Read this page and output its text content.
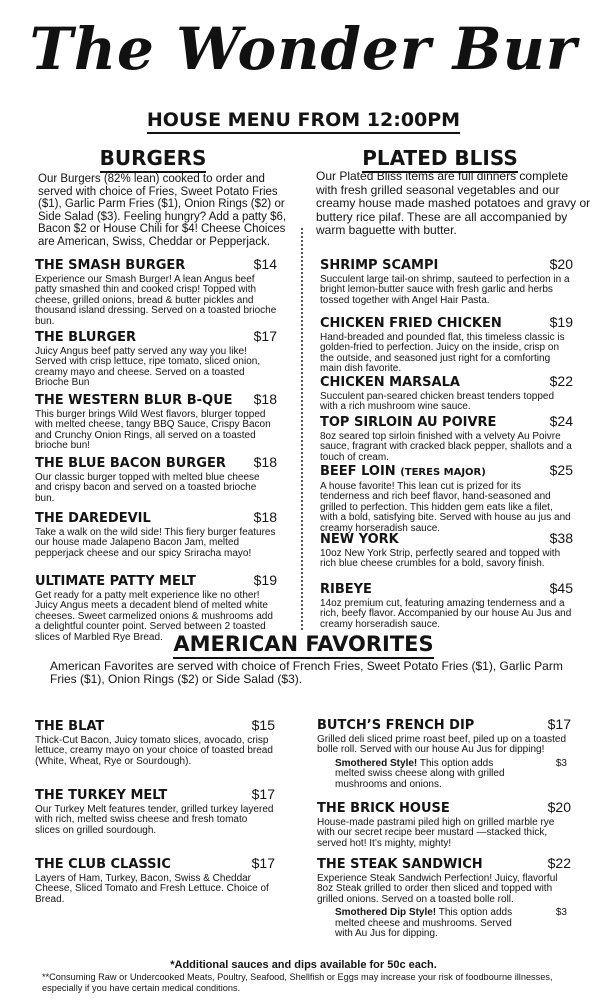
The Wonder Bur
HOUSE MENU FROM 12:00PM
BURGERS

Our Burgers (82% lean) cooked to order and served with choice of Fries, Sweet Potato Fries ($1), Garlic Parm Fries ($1), Onion Rings ($2) or Side Salad ($3). Feeling hungry? Add a patty $6, Bacon $2 or House Chili for $4! Cheese Choices are American, Swiss, Cheddar or Pepperjack.

THE SMASH BURGER	$14

Experience our Smash Burger! A lean Angus beef patty smashed thin and cooked crisp! Topped with cheese, grilled onions, bread & butter pickles and thousand island dressing. Served on a toasted brioche bun.

THE BLURGER	$17

Juicy Angus beef patty served any way you like! Served with crisp lettuce, ripe tomato, sliced onion, creamy mayo and cheese. Served on a toasted Brioche Bun

THE WESTERN BLUR B-QUE $18

This burger brings Wild West flavors, blurger topped with melted cheese, tangy BBQ Sauce, Crispy Bacon and Crunchy Onion Rings, all served on a toasted brioche bun!

THE BLUE BACON BURGER $18

Our classic burger topped with melted blue cheese and crispy bacon and served on a toasted brioche bun.

THE DAREDEVIL	$18

Take a walk on the wild side! This fiery burger features our house made Jalapeno Bacon Jam, melted pepperjack cheese and our spicy Sriracha mayo!

ULTIMATE PATTY MELT	$19

Get ready for a patty melt experience like no other! Juicy Angus meets a decadent blend of melted white cheeses. Sweet carmelized onions & mushrooms add a delightful counter point. Served between 2 toasted slices of Marbled Rye Bread.

PLATED BLISS

Our Plated Bliss items are full dinners complete with fresh grilled seasonal vegetables and our creamy house made mashed potatoes and gravy or buttery rice pilaf. These are all accompanied by warm baguette with butter.

SHRIMP SCAMPI	$20

Succulent large tail-on shrimp, sauteed to perfection in a bright lemon-butter sauce with fresh garlic and herbs tossed together with Angel Hair Pasta.

CHICKEN FRIED CHICKEN	$19

Hand-breaded and pounded flat, this timeless classic is golden-fried to perfection. Juicy on the inside, crisp on the outside, and seasoned just right for a comforting main dish favorite.

CHICKEN MARSALA	$22

Succulent pan-seared chicken breast tenders topped with a rich mushroom wine sauce.

TOP SIRLOIN AU POIVRE	$24

8oz seared top sirloin finished with a velvety Au Poivre sauce, fragrant with cracked black pepper, shallots and a touch of cream.

BEEF LOIN (TERES MAJOR)	$25

A house favorite! This lean cut is prized for its tenderness and rich beef flavor, hand-seasoned and grilled to perfection. This hidden gem eats like a filet, with a bold, satisfying bite. Served with house au jus and creamy horseradish sauce.

NEW YORK	$38

10oz New York Strip, perfectly seared and topped with rich blue cheese crumbles for a bold, savory finish.

RIBEYE	$45

14oz premium cut, featuring amazing tenderness and a rich, beefy flavor. Accompanied by our house Au Jus and creamy horseradish sauce.

AMERICAN FAVORITES

American Favorites are served with choice of French Fries, Sweet Potato Fries ($1), Garlic Parm Fries ($1), Onion Rings ($2) or Side Salad ($3).

THE BLAT	$15

Thick-Cut Bacon, Juicy tomato slices, avocado, crisp lettuce, creamy mayo on your choice of toasted bread (White, Wheat, Rye or Sourdough).

THE TURKEY MELT	$17

Our Turkey Melt features tender, grilled turkey layered with rich, melted swiss cheese and fresh tomato slices on grilled sourdough.

THE CLUB CLASSIC	$17

Layers of Ham, Turkey, Bacon, Swiss & Cheddar Cheese, Sliced Tomato and Fresh Lettuce. Choice of Bread.

BUTCH’S FRENCH DIP	$17

Grilled deli sliced prime roast beef, piled up on a toasted bolle roll. Served with our house Au Jus for dipping!

Smothered Style! This option adds melted swiss cheese along with grilled mushrooms and onions.
$3
THE BRICK HOUSE	$20

House-made pastrami piled high on grilled marble rye with our secret recipe beer mustard —stacked thick, served hot! It’s mighty, mighty!

THE STEAK SANDWICH	$22

Experience Steak Sandwich Perfection! Juicy, flavorful 8oz Steak grilled to order then sliced and topped with grilled onions. Served on a toasted bolle roll.

Smothered Dip Style! This option adds melted cheese and mushrooms. Served with Au Jus for dipping.
$3
*Additional sauces and dips available for 50c each.
**Consuming Raw or Undercooked Meats, Poultry, Seafood, Shellfish or Eggs may increase your risk of foodbourne illnesses, especially if you have certain medical conditions.
